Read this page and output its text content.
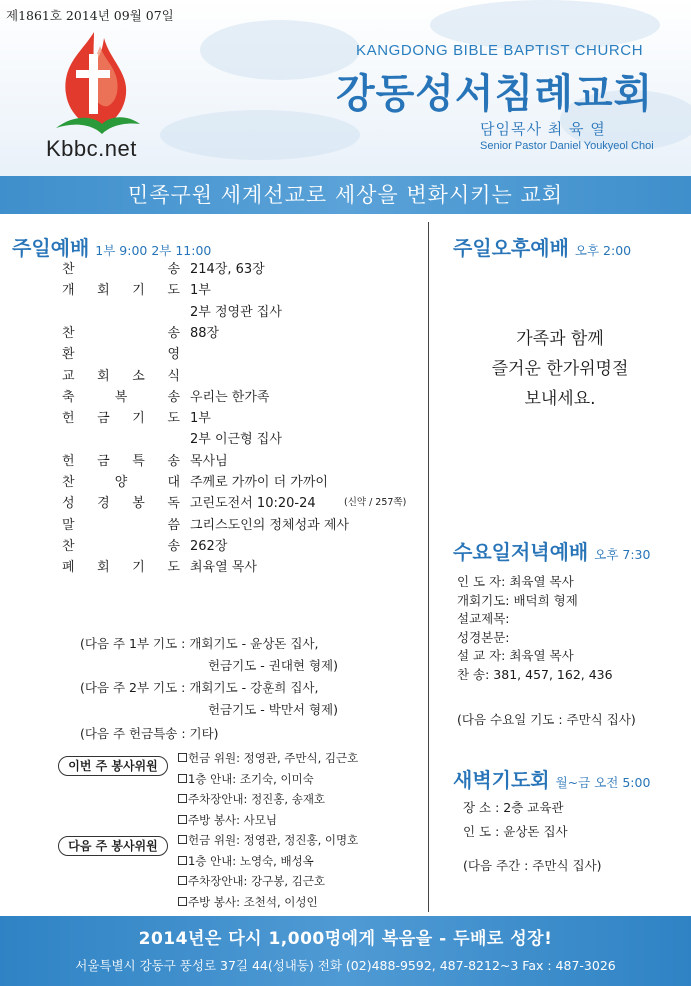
제1861호 2014년 09월 07일
Kbbc.net
KANGDONG BIBLE BAPTIST CHURCH
강동성서침례교회
담임목사 최 육 열
Senior Pastor Daniel Youkyeol Choi
민족구원 세계선교로 세상을 변화시키는 교회
주일예배 1부 9:00 2부 11:00
찬	송 214장, 63장
개 회 기 도 1부
2부 정영관 집사
찬	송 88장
환	영
교 회 소 식
축	복	송 우리는 한가족
헌 금 기 도 1부
2부 이근형 집사
헌 금 특 송 목사님
찬	양	대 주께로 가까이 더 가까이
성 경 봉 독 고린도전서 10:20-24	(신약 / 257쪽)
말	씀 그리스도인의 정체성과 제사
찬	송 262장
폐 회 기 도 최육열 목사
(다음 주 1부 기도 : 개회기도 - 윤상돈 집사,
헌금기도 - 권대현 형제)
(다음 주 2부 기도 : 개회기도 - 강훈희 집사,
헌금기도 - 박만서 형제)
(다음 주 헌금특송 : 기타)
이번 주 봉사위원
헌금 위원: 정영관, 주만식, 김근호
1층 안내: 조기숙, 이미숙
주차장안내: 정진홍, 송재호
주방 봉사: 사모님
다음 주 봉사위원	헌금 위원: 정영관, 정진홍, 이명호
1층 안내: 노영숙, 배성옥
주차장안내: 강구봉, 김근호
주방 봉사: 조천석, 이성인
주일오후예배 오후 2:00
가족과 함께
즐거운 한가위명절
보내세요.
수요일저녁예배 오후 7:30
인 도 자: 최육열 목사
개회기도: 배덕희 형제
설교제목:
성경본문:
설 교 자: 최육열 목사
찬 송: 381, 457, 162, 436
(다음 수요일 기도 : 주만식 집사)
새벽기도회 월~금 오전 5:00
장 소 : 2층 교육관
인 도 : 윤상돈 집사
(다음 주간 : 주만식 집사)
2014년은 다시 1,000명에게 복음을 - 두배로 성장!
서울특별시 강동구 풍성로 37길 44(성내동) 전화 (02)488-9592, 487-8212~3 Fax : 487-3026
